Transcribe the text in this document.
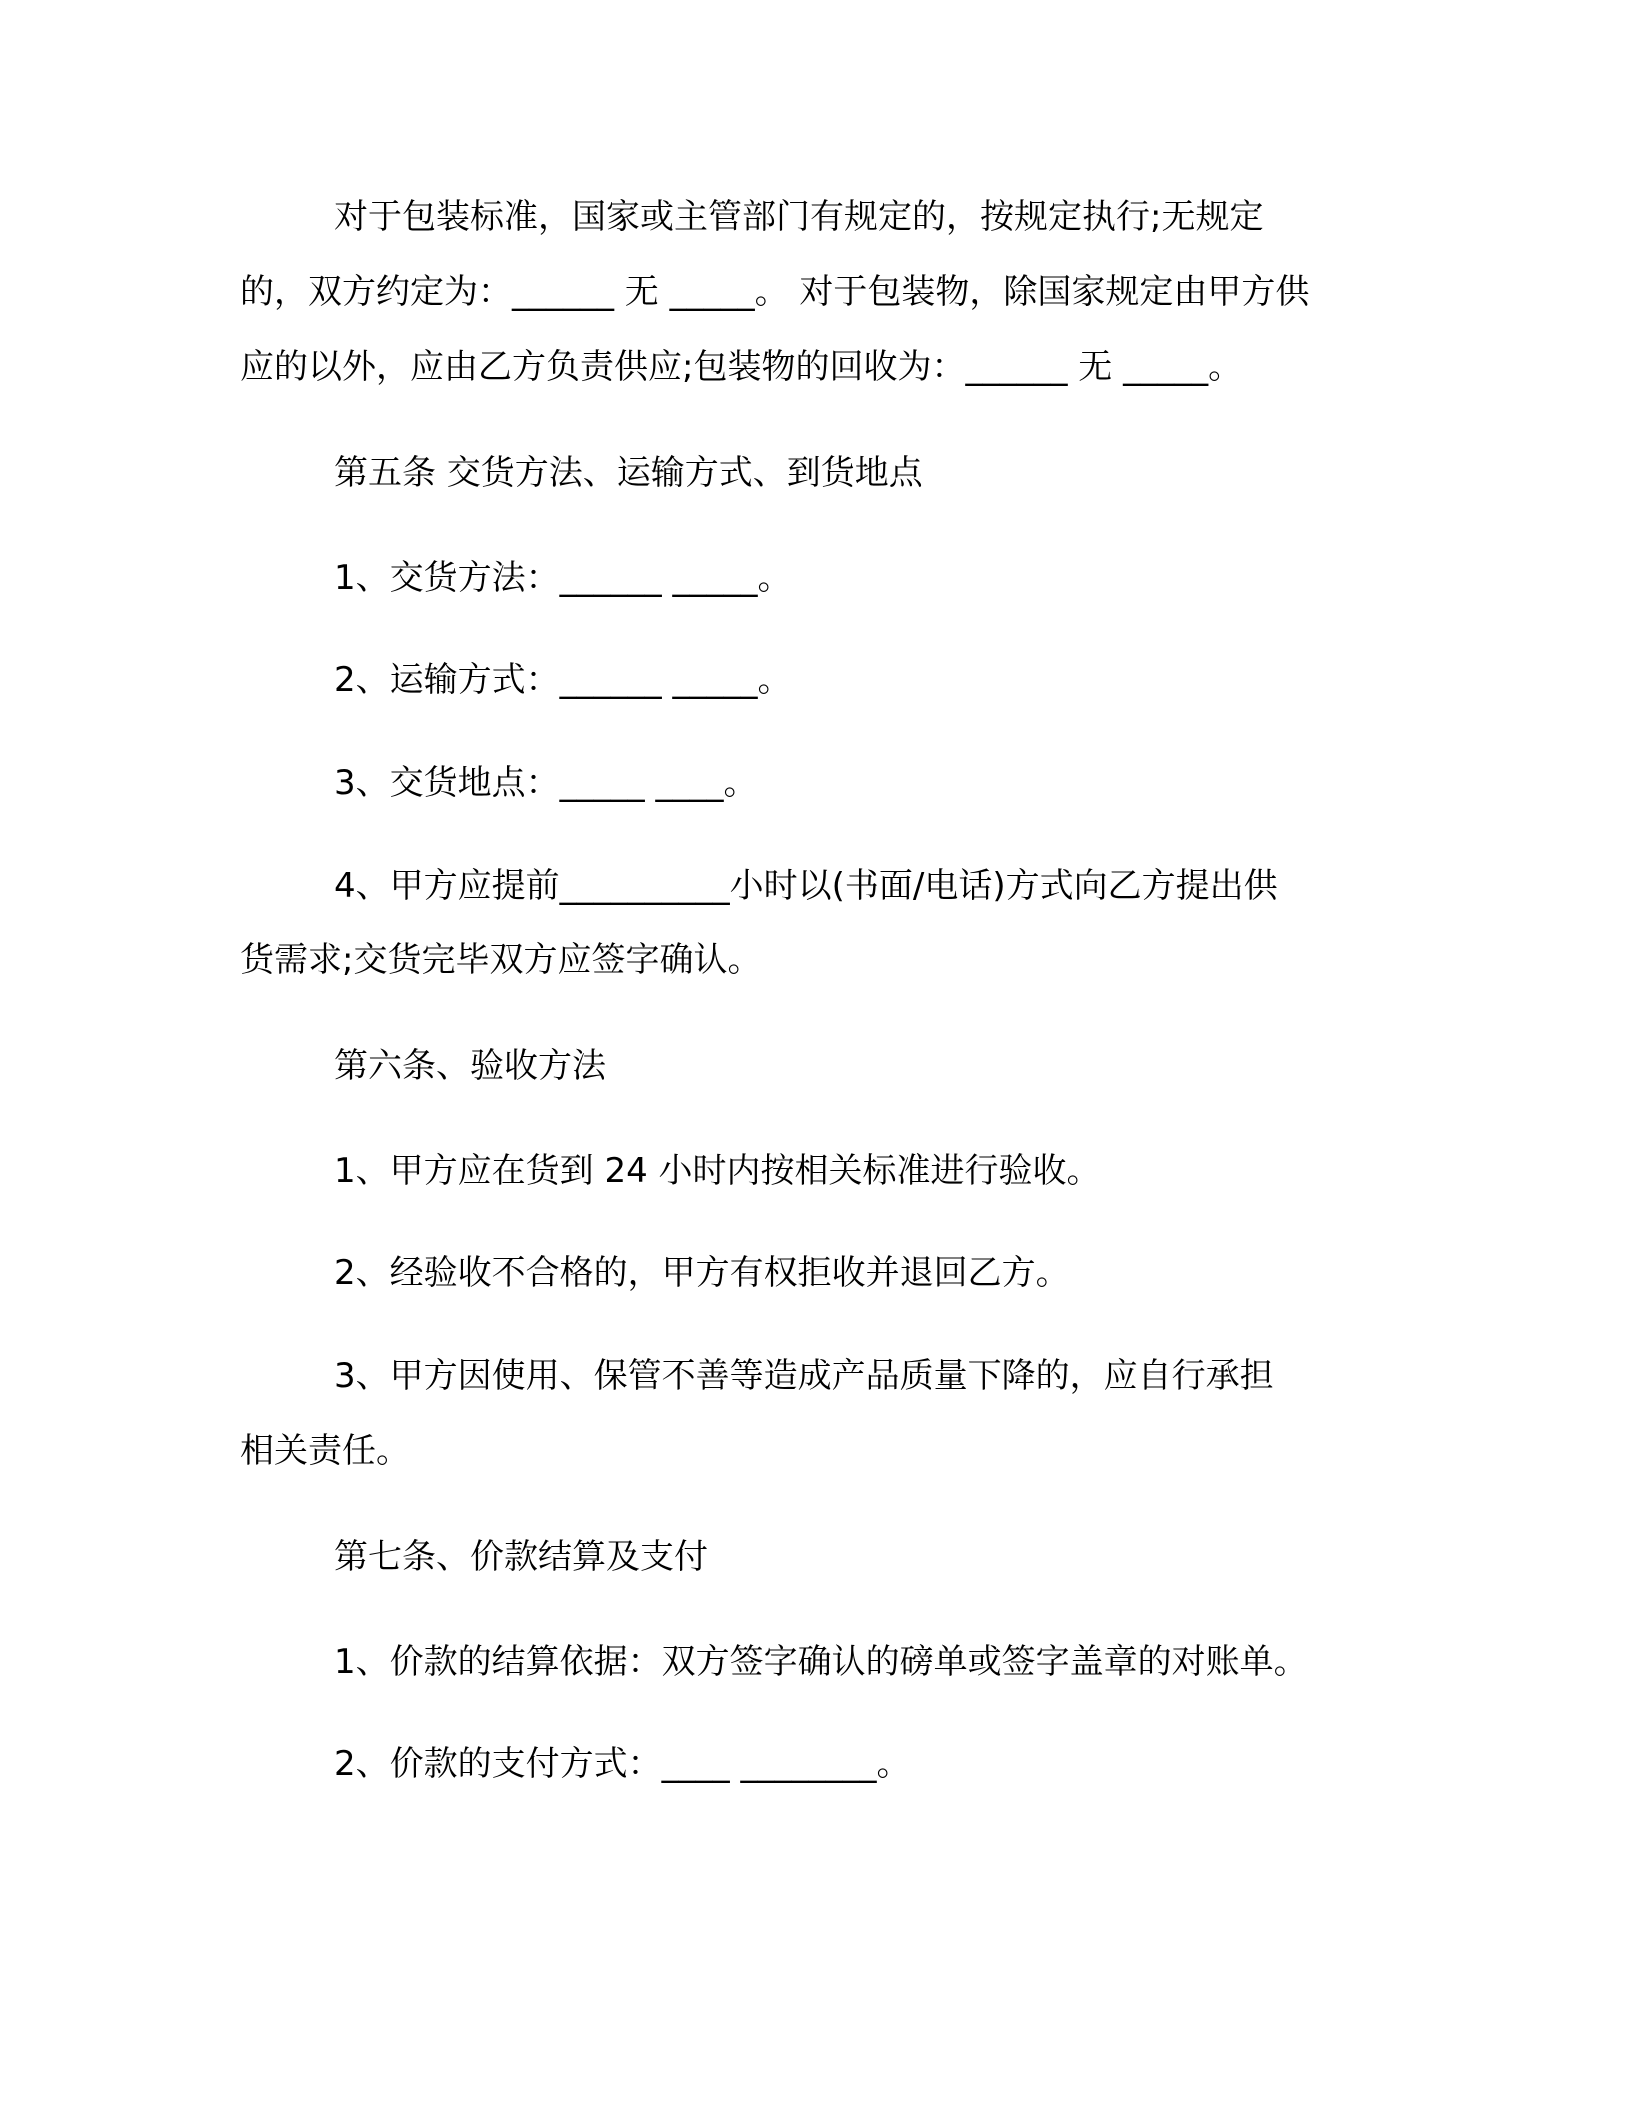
对于包装标准，国家或主管部门有规定的，按规定执行;无规定
的，双方约定为：______ 无 _____。 对于包装物，除国家规定由甲方供
应的以外，应由乙方负责供应;包装物的回收为：______ 无 _____。
第五条 交货方法、运输方式、到货地点
1、交货方法：______ _____。
2、运输方式：______ _____。
3、交货地点：_____ ____。
4、甲方应提前__________小时以(书面/电话)方式向乙方提出供
货需求;交货完毕双方应签字确认。
第六条、验收方法
1、甲方应在货到 24 小时内按相关标准进行验收。
2、经验收不合格的，甲方有权拒收并退回乙方。
3、甲方因使用、保管不善等造成产品质量下降的，应自行承担
相关责任。
第七条、价款结算及支付
1、价款的结算依据：双方签字确认的磅单或签字盖章的对账单。
2、价款的支付方式：____ ________。
